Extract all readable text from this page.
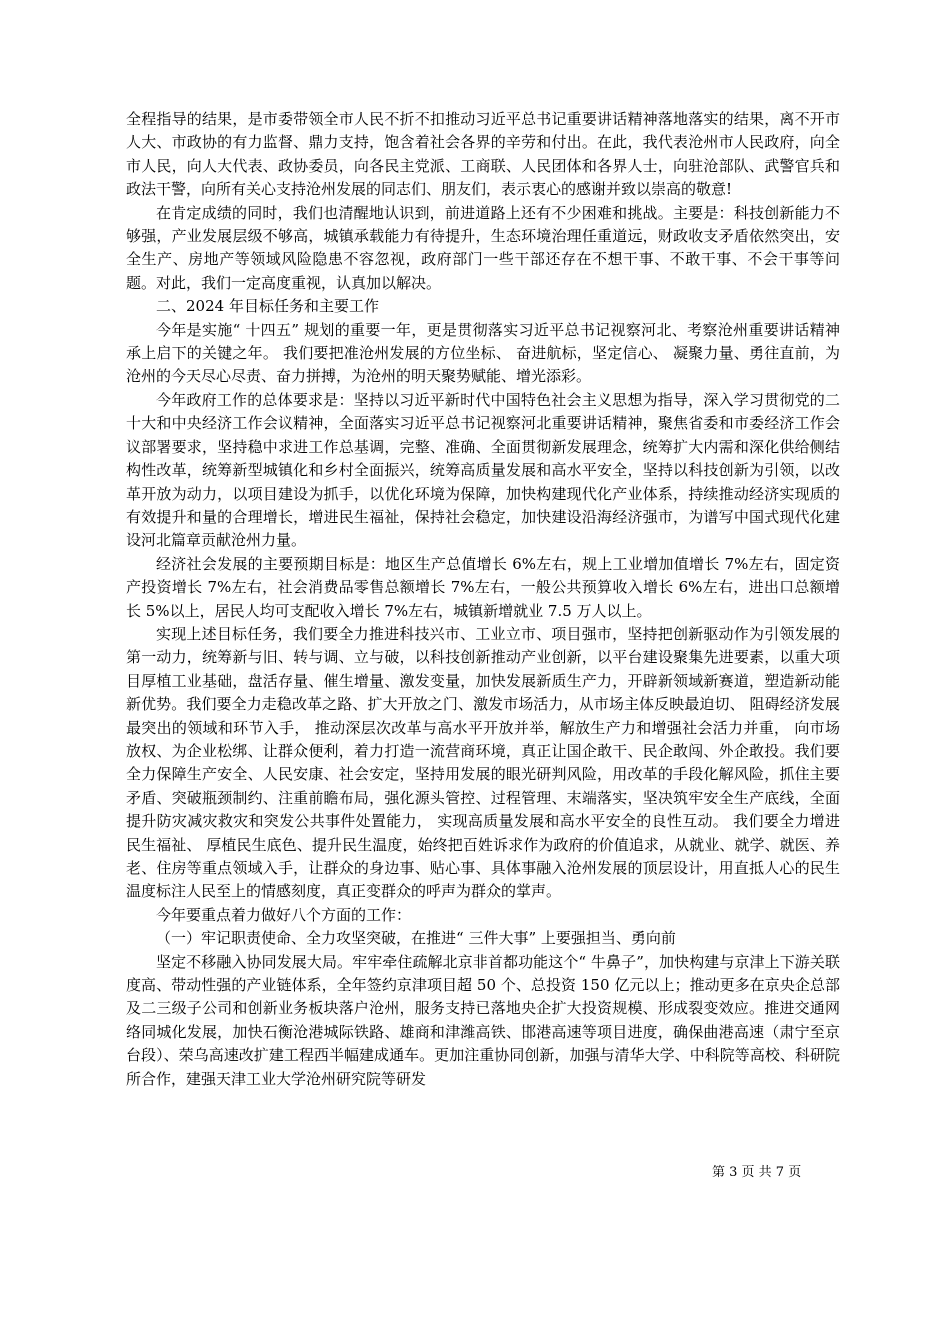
全程指导的结果，是市委带领全市人民不折不扣推动习近平总书记重要讲话精神落地落实的结果，离不开市人大、市政协的有力监督、鼎力支持，饱含着社会各界的辛劳和付出。在此，我代表沧州市人民政府，向全市人民，向人大代表、政协委员，向各民主党派、工商联、人民团体和各界人士，向驻沧部队、武警官兵和政法干警，向所有关心支持沧州发展的同志们、朋友们，表示衷心的感谢并致以崇高的敬意!

在肯定成绩的同时，我们也清醒地认识到，前进道路上还有不少困难和挑战。主要是：科技创新能力不够强，产业发展层级不够高，城镇承载能力有待提升，生态环境治理任重道远，财政收支矛盾依然突出，安全生产、房地产等领域风险隐患不容忽视，政府部门一些干部还存在不想干事、不敢干事、不会干事等问题。对此，我们一定高度重视，认真加以解决。

二、2024 年目标任务和主要工作

今年是实施“ 十四五” 规划的重要一年，更是贯彻落实习近平总书记视察河北、考察沧州重要讲话精神承上启下的关键之年。 我们要把准沧州发展的方位坐标、 奋进航标，坚定信心、 凝聚力量、勇往直前，为沧州的今天尽心尽责、奋力拼搏，为沧州的明天聚势赋能、增光添彩。

今年政府工作的总体要求是：坚持以习近平新时代中国特色社会主义思想为指导，深入学习贯彻党的二十大和中央经济工作会议精神，全面落实习近平总书记视察河北重要讲话精神，聚焦省委和市委经济工作会议部署要求，坚持稳中求进工作总基调，完整、准确、全面贯彻新发展理念，统筹扩大内需和深化供给侧结构性改革，统筹新型城镇化和乡村全面振兴，统筹高质量发展和高水平安全，坚持以科技创新为引领，以改革开放为动力，以项目建设为抓手，以优化环境为保障，加快构建现代化产业体系，持续推动经济实现质的有效提升和量的合理增长，增进民生福祉，保持社会稳定，加快建设沿海经济强市，为谱写中国式现代化建设河北篇章贡献沧州力量。

经济社会发展的主要预期目标是：地区生产总值增长 6%左右，规上工业增加值增长 7%左右，固定资产投资增长 7%左右，社会消费品零售总额增长 7%左右，一般公共预算收入增长 6%左右，进出口总额增长 5%以上，居民人均可支配收入增长 7%左右，城镇新增就业 7.5 万人以上。

实现上述目标任务，我们要全力推进科技兴市、工业立市、项目强市，坚持把创新驱动作为引领发展的第一动力，统筹新与旧、转与调、立与破，以科技创新推动产业创新，以平台建设聚集先进要素，以重大项目厚植工业基础，盘活存量、催生增量、激发变量，加快发展新质生产力，开辟新领域新赛道，塑造新动能新优势。我们要全力走稳改革之路、扩大开放之门、激发市场活力，从市场主体反映最迫切、 阻碍经济发展最突出的领域和环节入手， 推动深层次改革与高水平开放并举，解放生产力和增强社会活力并重， 向市场放权、为企业松绑、让群众便利，着力打造一流营商环境，真正让国企敢干、民企敢闯、外企敢投。我们要全力保障生产安全、人民安康、社会安定，坚持用发展的眼光研判风险，用改革的手段化解风险，抓住主要矛盾、突破瓶颈制约、注重前瞻布局，强化源头管控、过程管理、末端落实，坚决筑牢安全生产底线，全面提升防灾减灾救灾和突发公共事件处置能力， 实现高质量发展和高水平安全的良性互动。 我们要全力增进民生福祉、 厚植民生底色、提升民生温度，始终把百姓诉求作为政府的价值追求，从就业、就学、就医、养老、住房等重点领域入手，让群众的身边事、贴心事、具体事融入沧州发展的顶层设计，用直抵人心的民生温度标注人民至上的情感刻度，真正变群众的呼声为群众的掌声。

今年要重点着力做好八个方面的工作：

（一）牢记职责使命、全力攻坚突破，在推进“ 三件大事” 上要强担当、勇向前

坚定不移融入协同发展大局。牢牢牵住疏解北京非首都功能这个“ 牛鼻子”，加快构建与京津上下游关联度高、带动性强的产业链体系，全年签约京津项目超 50 个、总投资 150 亿元以上；推动更多在京央企总部及二三级子公司和创新业务板块落户沧州，服务支持已落地央企扩大投资规模、形成裂变效应。推进交通网络同城化发展，加快石衡沧港城际铁路、雄商和津潍高铁、邯港高速等项目进度，确保曲港高速（肃宁至京台段）、荣乌高速改扩建工程西半幅建成通车。更加注重协同创新，加强与清华大学、中科院等高校、科研院所合作，建强天津工业大学沧州研究院等研发

第 3 页 共 7 页
